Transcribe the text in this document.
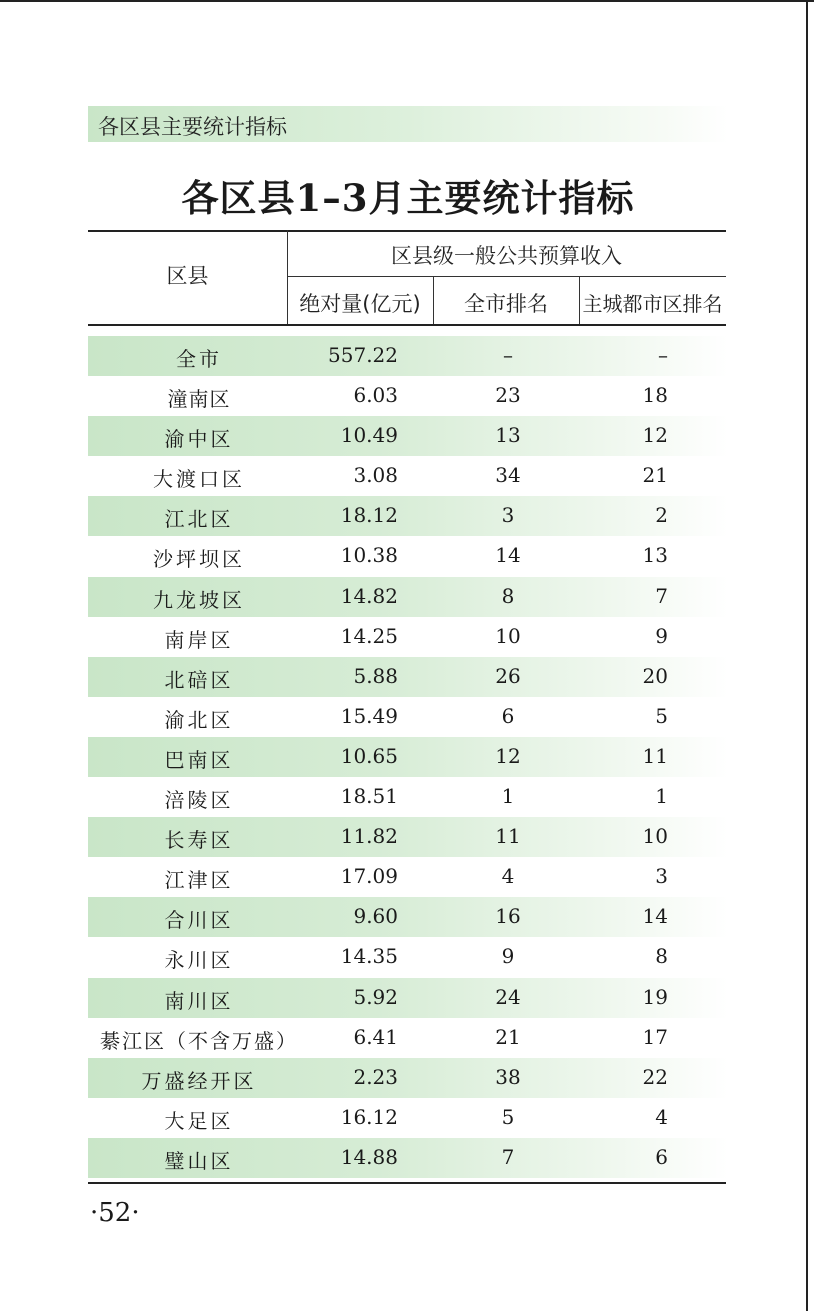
各区县主要统计指标
各区县1–3月主要统计指标
区县
区县级一般公共预算收入
绝对量(亿元)	全市排名	主城都市区排名
全市	557.22	–	–
潼南区	6.03	23	18
渝中区	10.49	13	12
大渡口区	3.08	34	21
江北区	18.12	3	2
沙坪坝区	10.38	14	13
九龙坡区	14.82	8	7
南岸区	14.25	10	9
北碚区	5.88	26	20
渝北区	15.49	6	5
巴南区	10.65	12	11
涪陵区	18.51	1	1
长寿区	11.82	11	10
江津区	17.09	4	3
合川区	9.60	16	14
永川区	14.35	9	8
南川区	5.92	24	19
綦江区（不含万盛）	6.41	21	17
万盛经开区	2.23	38	22
大足区	16.12	5	4
璧山区	14.88	7	6
·52·
